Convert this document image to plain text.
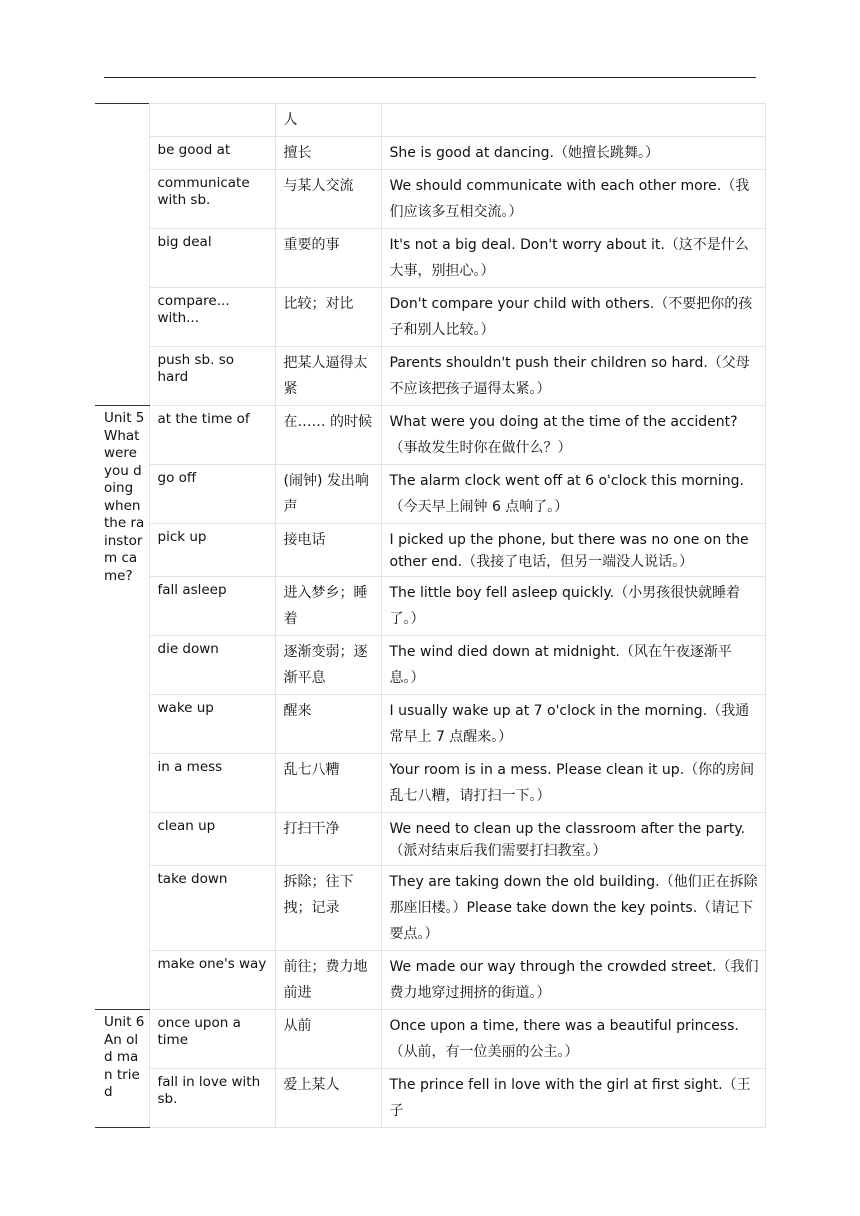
		人	
	be good at	擅长	She is good at dancing.（她擅长跳舞。）
	communicate with sb.	与某人交流	We should communicate with each other more.（我们应该多互相交流。）
	big deal	重要的事	It's not a big deal. Don't worry about it.（这不是什么大事，别担心。）
	compare... with...	比较；对比	Don't compare your child with others.（不要把你的孩子和别人比较。）
	push sb. so hard	把某人逼得太紧	Parents shouldn't push their children so hard.（父母不应该把孩子逼得太紧。）
Unit 5 What were you doing when the rainstorm came?	at the time of	在…… 的时候	What were you doing at the time of the accident?（事故发生时你在做什么？）
	go off	(闹钟) 发出响声	The alarm clock went off at 6 o'clock this morning.（今天早上闹钟 6 点响了。）
	pick up	接电话	I picked up the phone, but there was no one on the other end.（我接了电话，但另一端没人说话。）
	fall asleep	进入梦乡；睡着	The little boy fell asleep quickly.（小男孩很快就睡着了。）
	die down	逐渐变弱；逐渐平息	The wind died down at midnight.（风在午夜逐渐平息。）
	wake up	醒来	I usually wake up at 7 o'clock in the morning.（我通常早上 7 点醒来。）
	in a mess	乱七八糟	Your room is in a mess. Please clean it up.（你的房间乱七八糟，请打扫一下。）
	clean up	打扫干净	We need to clean up the classroom after the party.（派对结束后我们需要打扫教室。）
	take down	拆除；往下拽；记录	They are taking down the old building.（他们正在拆除那座旧楼。）Please take down the key points.（请记下要点。）
	make one's way	前往；费力地前进	We made our way through the crowded street.（我们费力地穿过拥挤的街道。）
Unit 6 An old man tried	once upon a time	从前	Once upon a time, there was a beautiful princess.（从前，有一位美丽的公主。）
	fall in love with sb.	爱上某人	The prince fell in love with the girl at first sight.（王子
